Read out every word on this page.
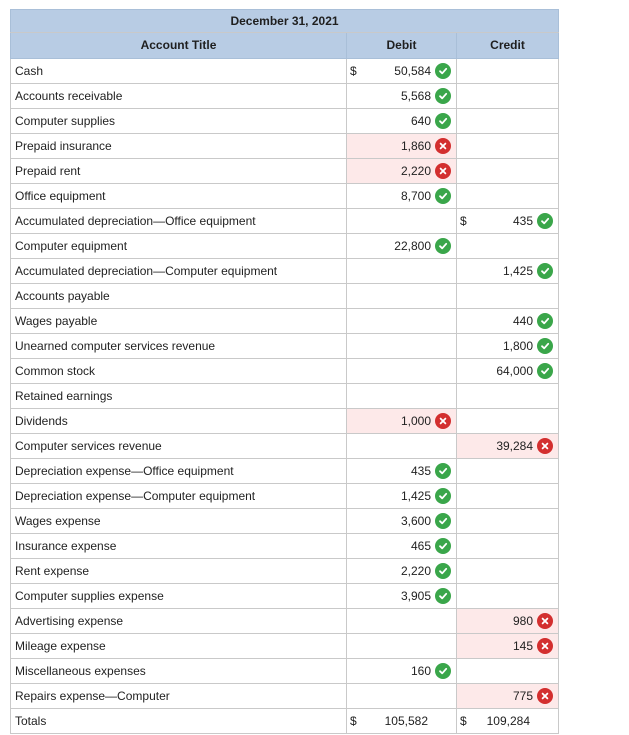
December 31, 2021		
Account Title	Debit	Credit
Cash	$ 50,584	

Accounts receivable	5,568	

Computer supplies	640	

Prepaid insurance	1,860	

Prepaid rent	2,220	

Office equipment	8,700	

Accumulated depreciation—Office equipment		$ 435

Computer equipment	22,800	

Accumulated depreciation—Computer equipment		1,425

Accounts payable	

Wages payable		440

Unearned computer services revenue		1,800

Common stock		64,000

Retained earnings	

Dividends	1,000	

Computer services revenue		39,284

Depreciation expense—Office equipment	435	

Depreciation expense—Computer equipment	1,425	

Wages expense	3,600	

Insurance expense	465	

Rent expense	2,220	

Computer supplies expense	3,905	

Advertising expense		980

Mileage expense		145

Miscellaneous expenses	160	

Repairs expense—Computer		775

Totals	$ 105,582	$ 109,284
